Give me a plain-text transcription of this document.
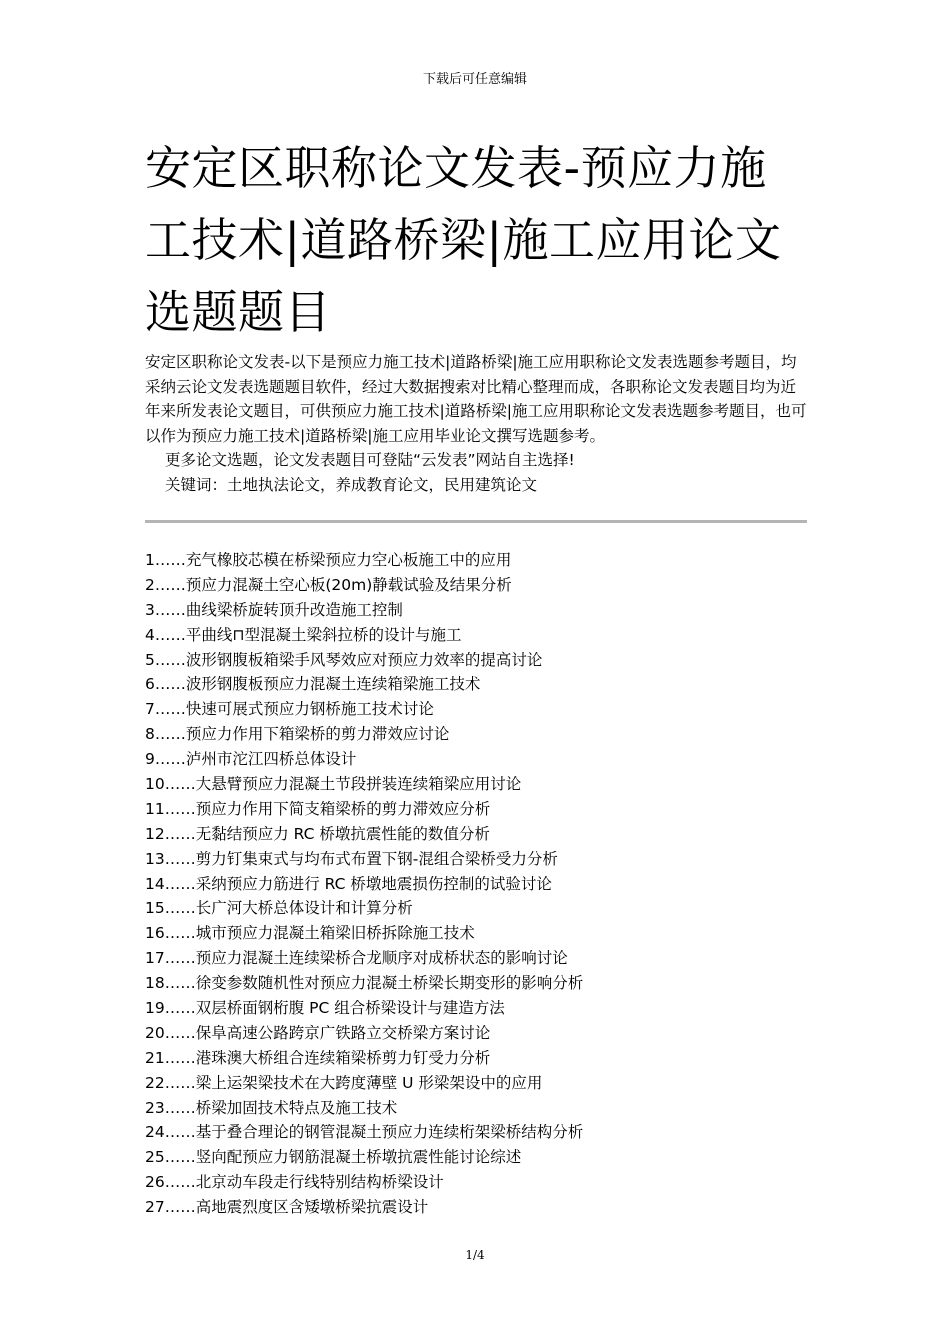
下载后可任意编辑
安定区职称论文发表-预应力施工技术|道路桥梁|施工应用论文选题题目

安定区职称论文发表-以下是预应力施工技术|道路桥梁|施工应用职称论文发表选题参考题目，均采纳云论文发表选题题目软件，经过大数据搜索对比精心整理而成，各职称论文发表题目均为近年来所发表论文题目，可供预应力施工技术|道路桥梁|施工应用职称论文发表选题参考题目，也可以作为预应力施工技术|道路桥梁|施工应用毕业论文撰写选题参考。

更多论文选题，论文发表题目可登陆“云发表”网站自主选择!

关键词：土地执法论文，养成教育论文，民用建筑论文

1……充气橡胶芯模在桥梁预应力空心板施工中的应用
2……预应力混凝土空心板(20m)静载试验及结果分析
3……曲线梁桥旋转顶升改造施工控制
4……平曲线⊓型混凝土梁斜拉桥的设计与施工
5……波形钢腹板箱梁手风琴效应对预应力效率的提高讨论
6……波形钢腹板预应力混凝土连续箱梁施工技术
7……快速可展式预应力钢桥施工技术讨论
8……预应力作用下箱梁桥的剪力滞效应讨论
9……泸州市沱江四桥总体设计
10……大悬臂预应力混凝土节段拼装连续箱梁应用讨论
11……预应力作用下简支箱梁桥的剪力滞效应分析
12……无黏结预应力 RC 桥墩抗震性能的数值分析
13……剪力钉集束式与均布式布置下钢-混组合梁桥受力分析
14……采纳预应力筋进行 RC 桥墩地震损伤控制的试验讨论
15……长广河大桥总体设计和计算分析
16……城市预应力混凝土箱梁旧桥拆除施工技术
17……预应力混凝土连续梁桥合龙顺序对成桥状态的影响讨论
18……徐变参数随机性对预应力混凝土桥梁长期变形的影响分析
19……双层桥面钢桁腹 PC 组合桥梁设计与建造方法
20……保阜高速公路跨京广铁路立交桥梁方案讨论
21……港珠澳大桥组合连续箱梁桥剪力钉受力分析
22……梁上运架梁技术在大跨度薄壁 U 形梁架设中的应用
23……桥梁加固技术特点及施工技术
24……基于叠合理论的钢管混凝土预应力连续桁架梁桥结构分析
25……竖向配预应力钢筋混凝土桥墩抗震性能讨论综述
26……北京动车段走行线特别结构桥梁设计
27……高地震烈度区含矮墩桥梁抗震设计
1/4
